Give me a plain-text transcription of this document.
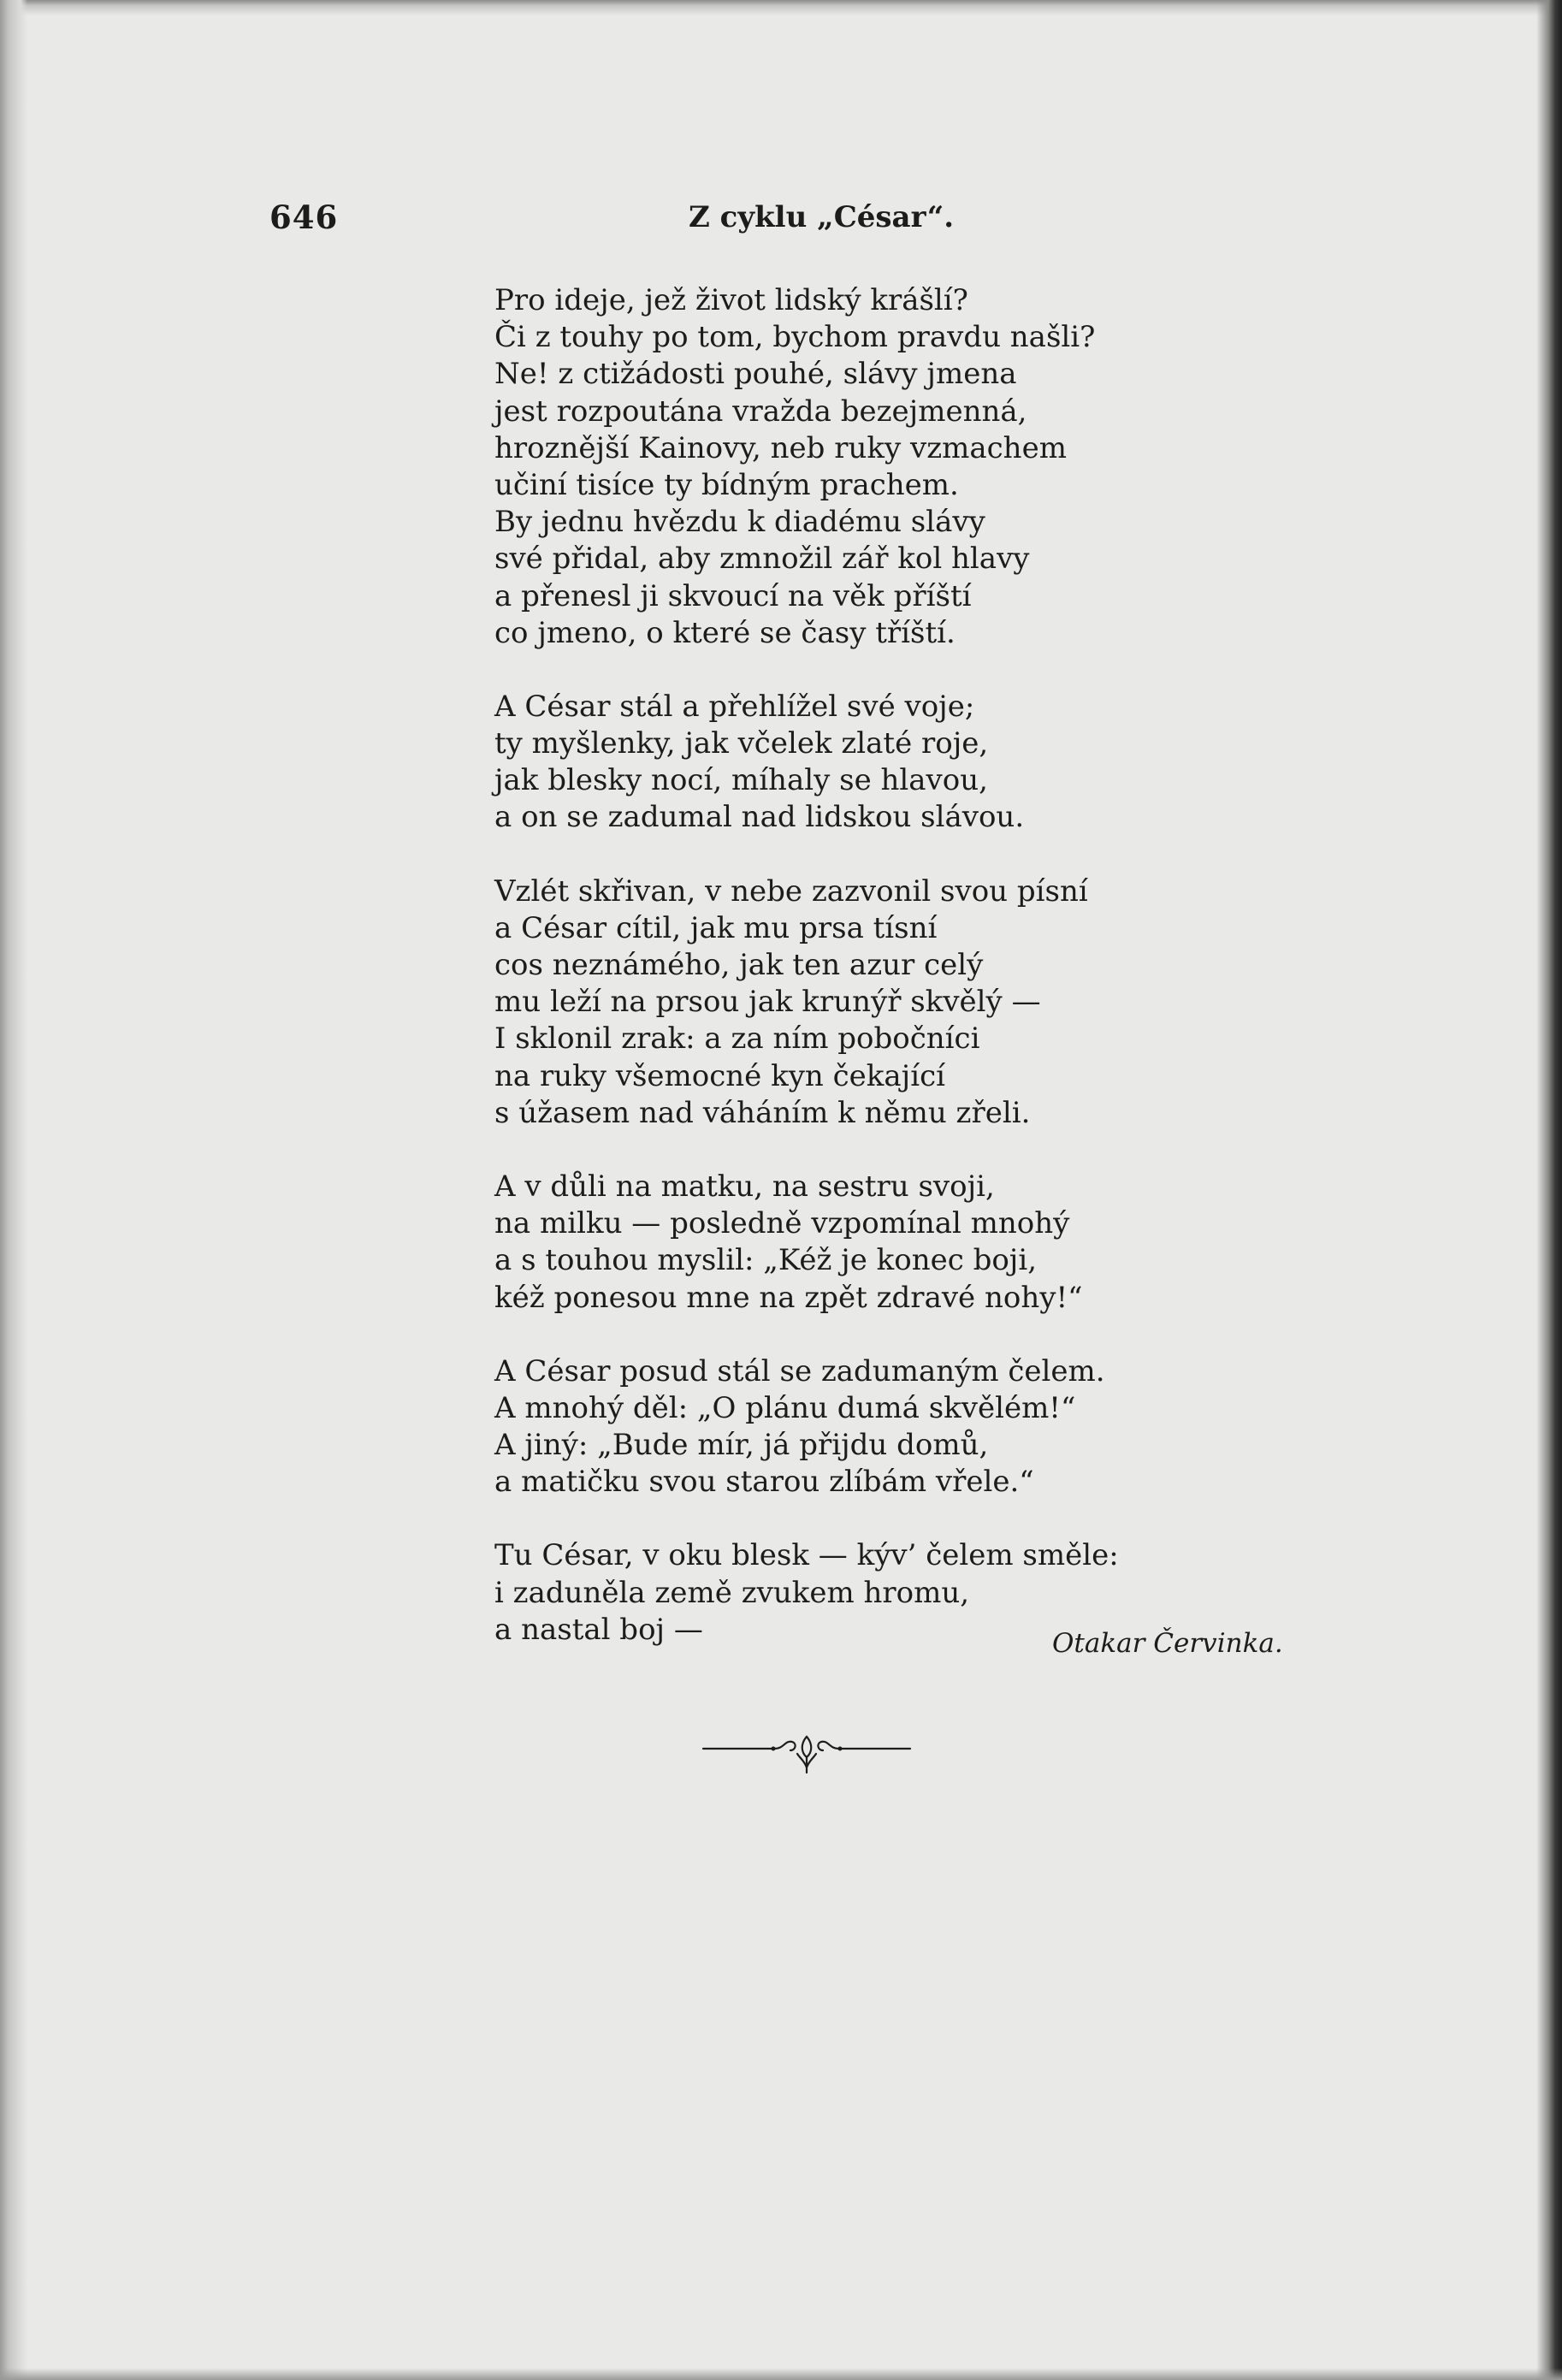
646	Z cyklu „César“.
Pro ideje, jež život lidský krášlí?
Či z touhy po tom, bychom pravdu našli?
Ne! z ctižádosti pouhé, slávy jmena
jest rozpoutána vražda bezejmenná,
hroznější Kainovy, neb ruky vzmachem
učiní tisíce ty bídným prachem.
By jednu hvězdu k diadému slávy
své přidal, aby zmnožil zář kol hlavy
a přenesl ji skvoucí na věk příští
co jmeno, o které se časy tříští.
A César stál a přehlížel své voje;
ty myšlenky, jak včelek zlaté roje,
jak blesky nocí, míhaly se hlavou,
a on se zadumal nad lidskou slávou.
Vzlét skřivan, v nebe zazvonil svou písní
a César cítil, jak mu prsa tísní
cos neznámého, jak ten azur celý
mu leží na prsou jak krunýř skvělý —
I sklonil zrak: a za ním pobočníci
na ruky všemocné kyn čekající
s úžasem nad váháním k němu zřeli.
A v důli na matku, na sestru svoji,
na milku — posledně vzpomínal mnohý
a s touhou myslil: „Kéž je konec boji,
kéž ponesou mne na zpět zdravé nohy!“
A César posud stál se zadumaným čelem.
A mnohý děl: „O plánu dumá skvělém!“
A jiný: „Bude mír, já přijdu domů,
a matičku svou starou zlíbám vřele.“
Tu César, v oku blesk — kýv’ čelem směle:
i zaduněla země zvukem hromu,
a nastal boj —	Otakar Červinka.
